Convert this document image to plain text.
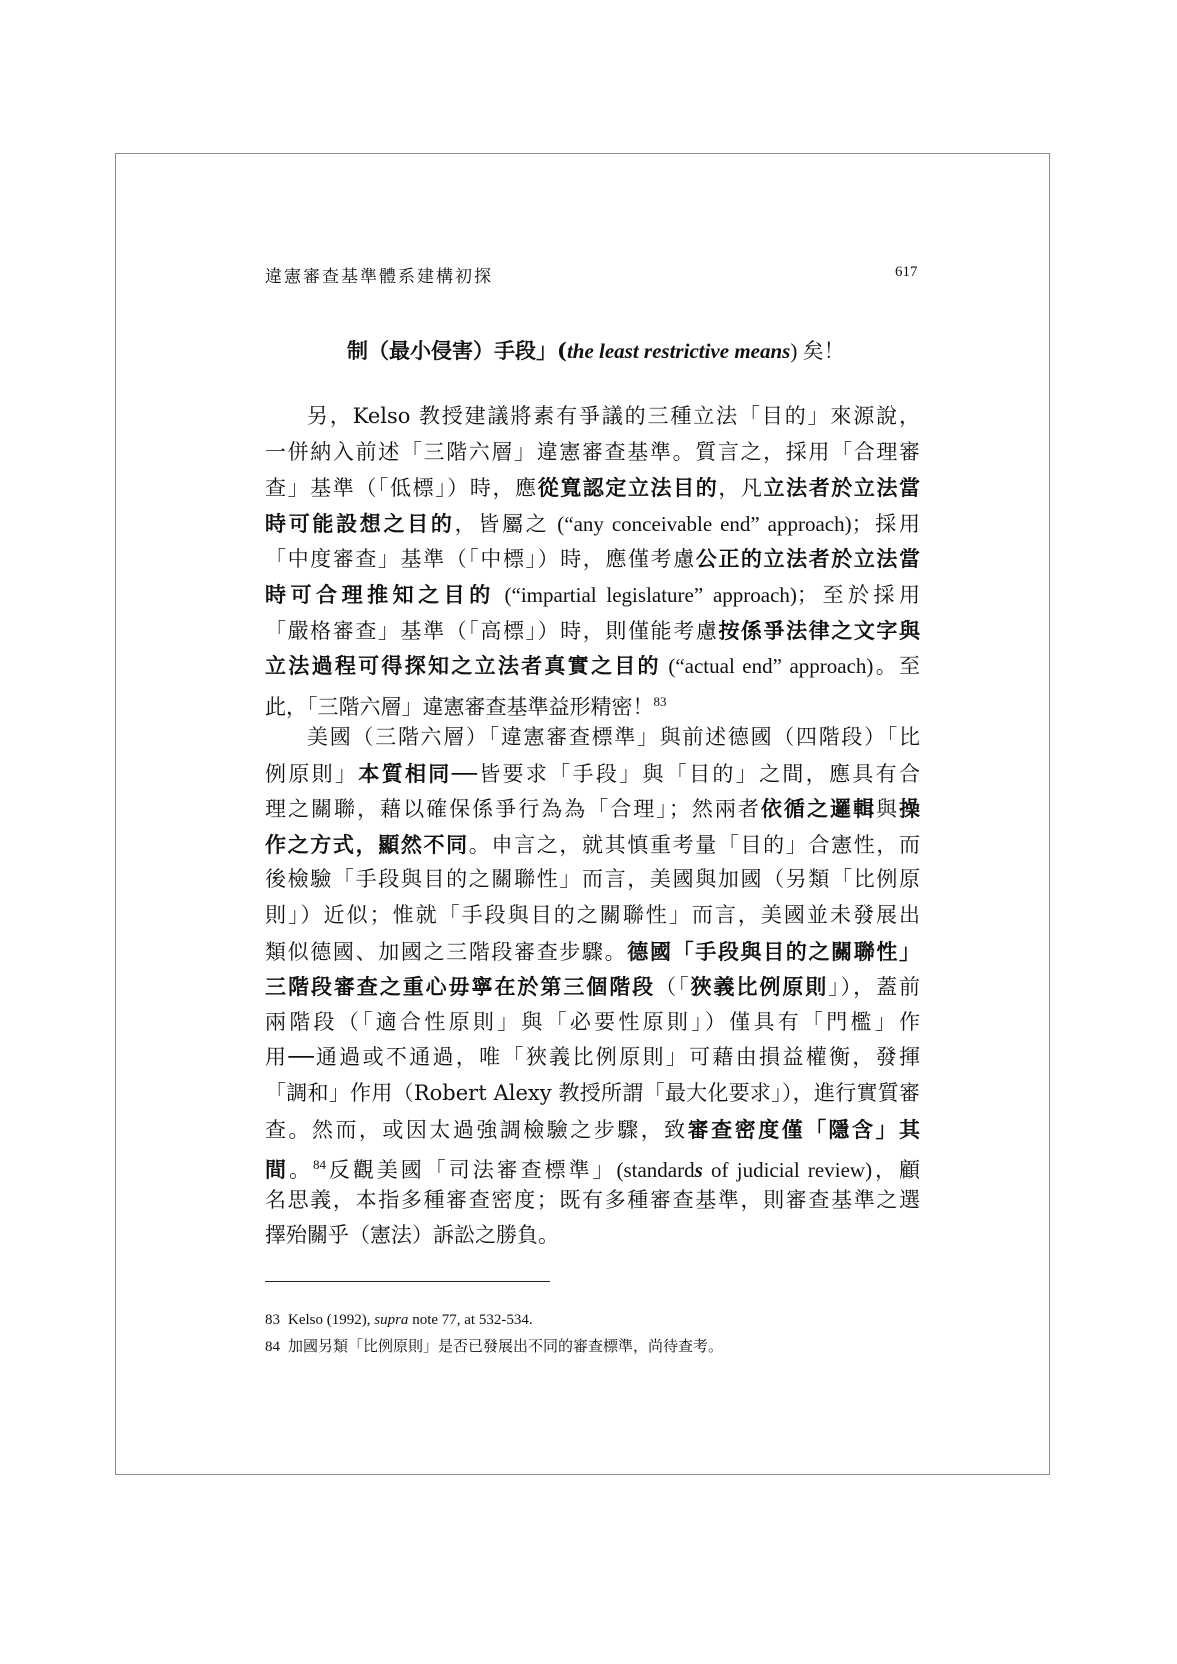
違憲審查基準體系建構初探	617
制（最小侵害）手段」(the least restrictive means) 矣！
另，Kelso 教授建議將素有爭議的三種立法「目的」來源說，
一併納入前述「三階六層」違憲審查基準。質言之，採用「合理審
查」基準（「低標」）時，應從寬認定立法目的，凡立法者於立法當
時可能設想之目的，皆屬之 (“any conceivable end” approach)；採用
「中度審查」基準（「中標」）時，應僅考慮公正的立法者於立法當
時可合理推知之目的 (“impartial legislature” approach)；至於採用
「嚴格審查」基準（「高標」）時，則僅能考慮按係爭法律之文字與
立法過程可得探知之立法者真實之目的 (“actual end” approach)。至
此，「三階六層」違憲審查基準益形精密！$^{83}$
美國（三階六層）「違憲審查標準」與前述德國（四階段）「比
例原則」本質相同──皆要求「手段」與「目的」之間，應具有合
理之關聯，藉以確保係爭行為為「合理」；然兩者依循之邏輯與操
作之方式，顯然不同。申言之，就其慎重考量「目的」合憲性，而
後檢驗「手段與目的之關聯性」而言，美國與加國（另類「比例原
則」）近似；惟就「手段與目的之關聯性」而言，美國並未發展出
類似德國、加國之三階段審查步驟。德國「手段與目的之關聯性」
三階段審查之重心毋寧在於第三個階段（「狹義比例原則」），蓋前
兩階段（「適合性原則」與「必要性原則」）僅具有「門檻」作
用──通過或不通過，唯「狹義比例原則」可藉由損益權衡，發揮
「調和」作用（Robert Alexy 教授所謂「最大化要求」），進行實質審
查。然而，或因太過強調檢驗之步驟，致審查密度僅「隱含」其
間。$^{84}$反觀美國「司法審查標準」(standards of judicial review)，顧
名思義，本指多種審查密度；既有多種審查基準，則審查基準之選
擇殆關乎（憲法）訴訟之勝負。
83 Kelso (1992), supra note 77, at 532-534.
84 加國另類「比例原則」是否已發展出不同的審查標準，尚待查考。
